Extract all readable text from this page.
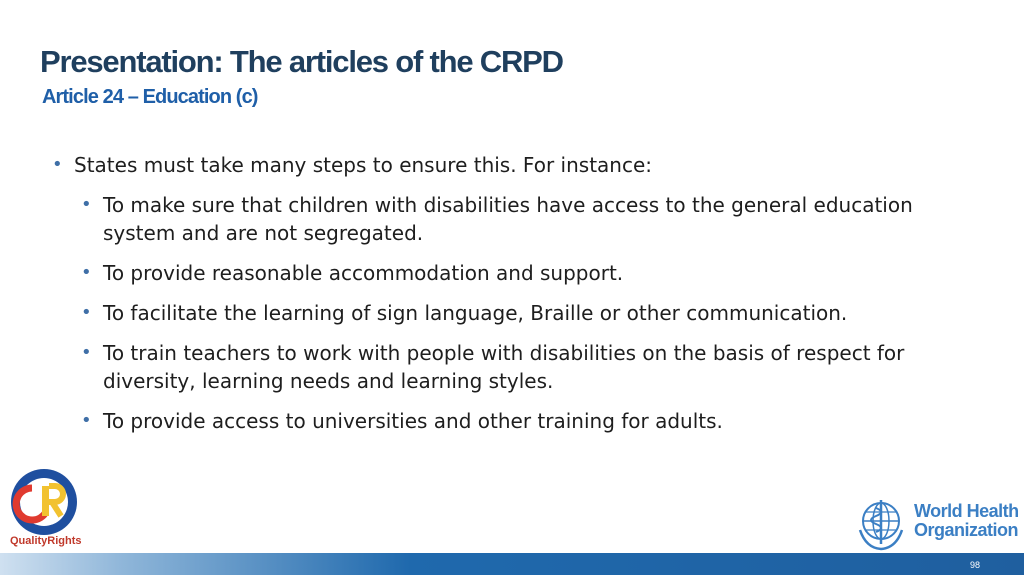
Presentation: The articles of the CRPD
Article 24 – Education (c)
• States must take many steps to ensure this. For instance:
• To make sure that children with disabilities have access to the general education system and are not segregated.
• To provide reasonable accommodation and support.
• To facilitate the learning of sign language, Braille or other communication.
• To train teachers to work with people with disabilities on the basis of respect for diversity, learning needs and learning styles.
• To provide access to universities and other training for adults.
QualityRights
World Health
Organization
98
